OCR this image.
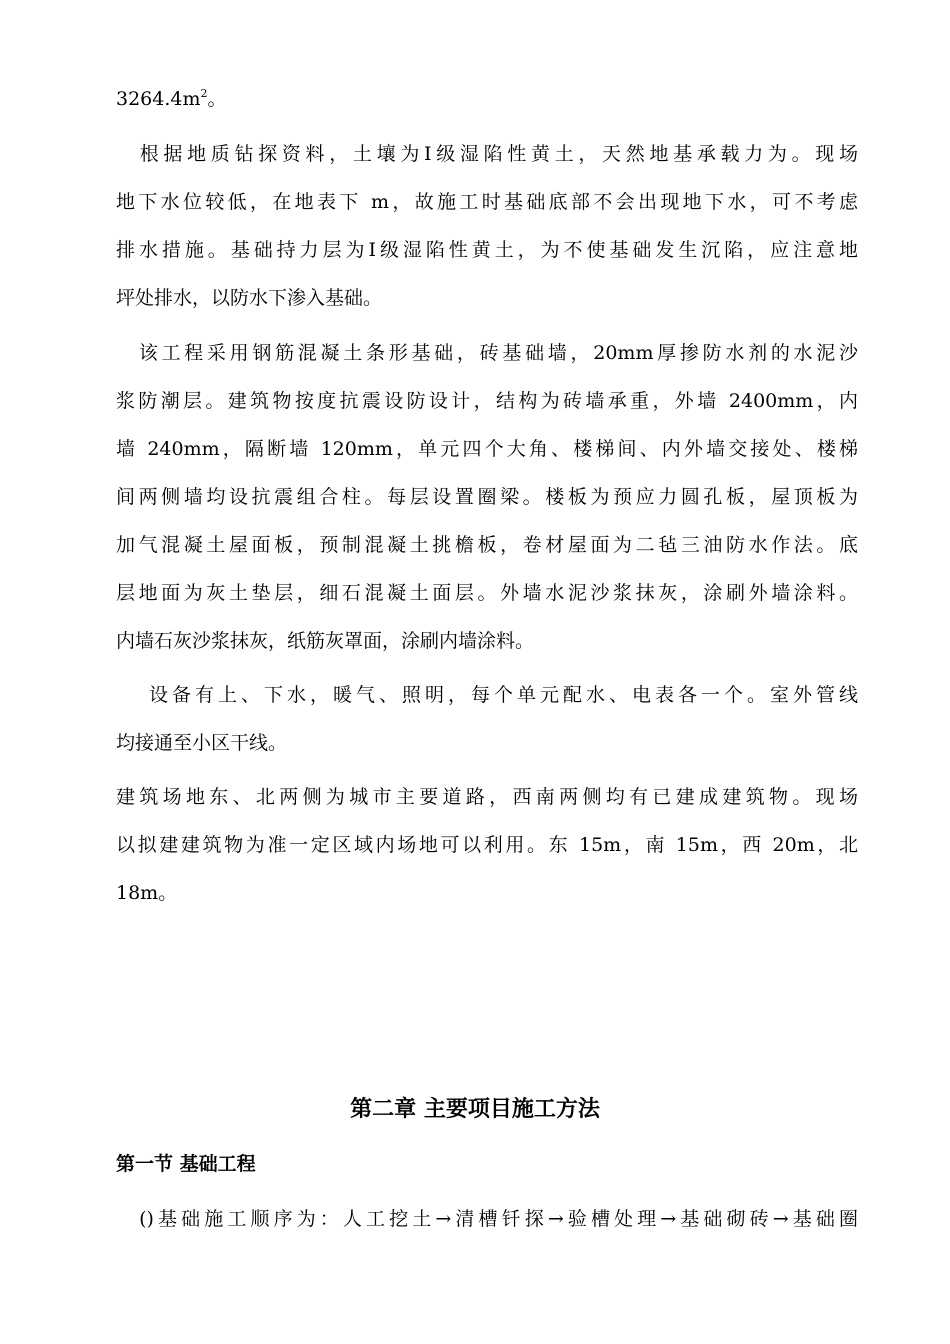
$3264.4m^2$。
　根据地质钻探资料，土壤为Ⅰ级湿陷性黄土，天然地基承载力为。现场
地下水位较低，在地表下 m，故施工时基础底部不会出现地下水，可不考虑
排水措施。基础持力层为Ⅰ级湿陷性黄土，为不使基础发生沉陷，应注意地
坪处排水，以防水下渗入基础。
　该工程采用钢筋混凝土条形基础，砖基础墙，20mm厚掺防水剂的水泥沙
浆防潮层。建筑物按度抗震设防设计，结构为砖墙承重，外墙 2400mm，内
墙 240mm，隔断墙 120mm，单元四个大角、楼梯间、内外墙交接处、楼梯
间两侧墙均设抗震组合柱。每层设置圈梁。楼板为预应力圆孔板，屋顶板为
加气混凝土屋面板，预制混凝土挑檐板，卷材屋面为二毡三油防水作法。底
层地面为灰土垫层，细石混凝土面层。外墙水泥沙浆抹灰，涂刷外墙涂料。
内墙石灰沙浆抹灰，纸筋灰罩面，涂刷内墙涂料。
　 设备有上、下水，暖气、照明，每个单元配水、电表各一个。室外管线
均接通至小区干线。
建筑场地东、北两侧为城市主要道路，西南两侧均有已建成建筑物。现场
以拟建建筑物为准一定区域内场地可以利用。东 15m，南 15m，西 20m，北
18m。
第二章 主要项目施工方法
第一节 基础工程
　()基础施工顺序为：人工挖土→清槽钎探→验槽处理→基础砌砖→基础圈
